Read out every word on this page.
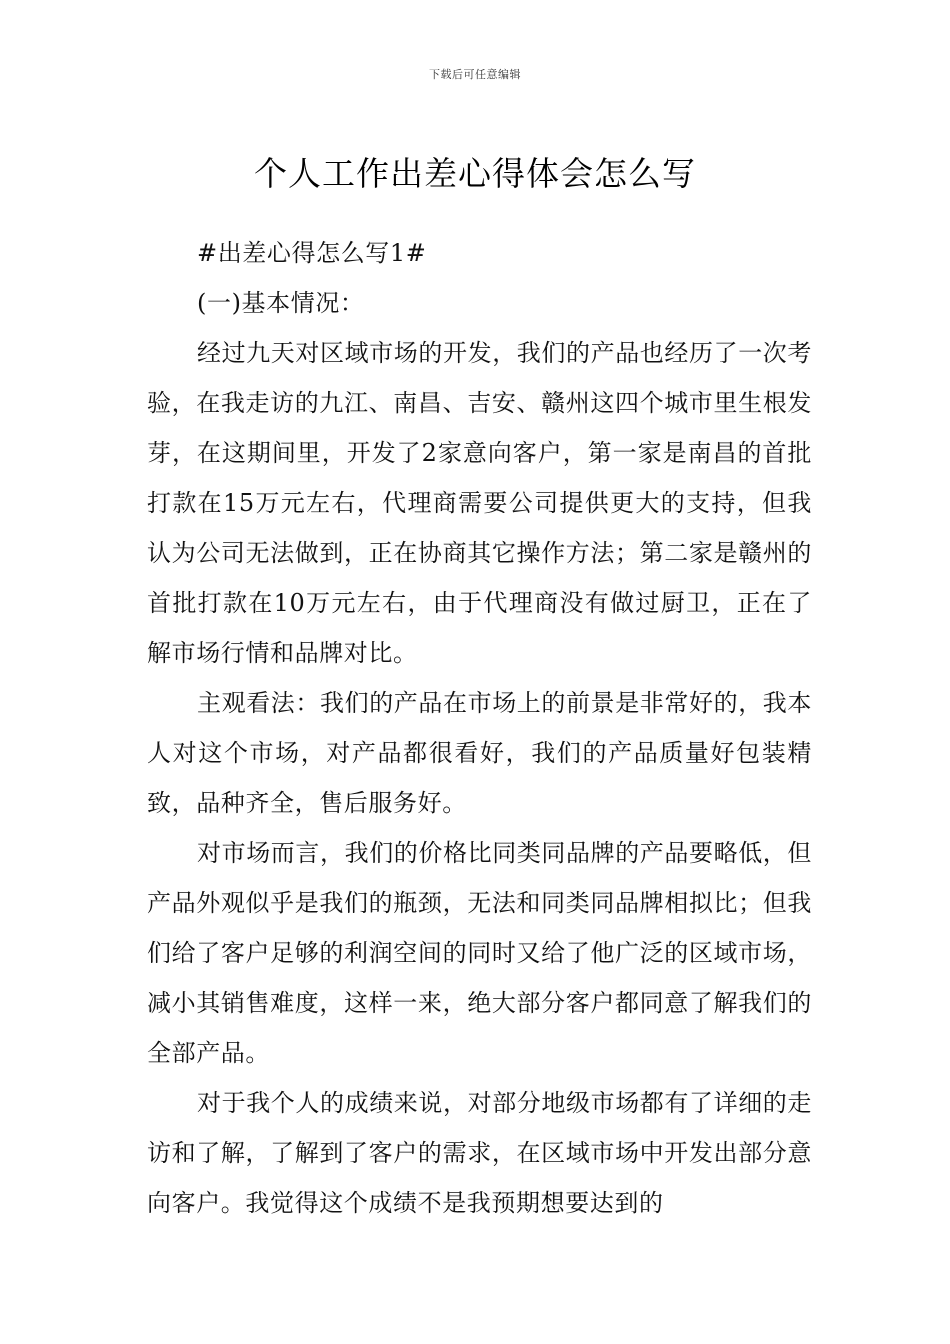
下载后可任意编辑
个人工作出差心得体会怎么写

#出差心得怎么写1#

(一)基本情况：

经过九天对区域市场的开发，我们的产品也经历了一次考验，在我走访的九江、南昌、吉安、赣州这四个城市里生根发芽，在这期间里，开发了2家意向客户，第一家是南昌的首批打款在15万元左右，代理商需要公司提供更大的支持，但我认为公司无法做到，正在协商其它操作方法；第二家是赣州的首批打款在10万元左右，由于代理商没有做过厨卫，正在了解市场行情和品牌对比。

主观看法：我们的产品在市场上的前景是非常好的，我本人对这个市场，对产品都很看好，我们的产品质量好包装精致，品种齐全，售后服务好。

对市场而言，我们的价格比同类同品牌的产品要略低，但产品外观似乎是我们的瓶颈，无法和同类同品牌相拟比；但我们给了客户足够的利润空间的同时又给了他广泛的区域市场，减小其销售难度，这样一来，绝大部分客户都同意了解我们的全部产品。

对于我个人的成绩来说，对部分地级市场都有了详细的走访和了解，了解到了客户的需求，在区域市场中开发出部分意向客户。我觉得这个成绩不是我预期想要达到的
